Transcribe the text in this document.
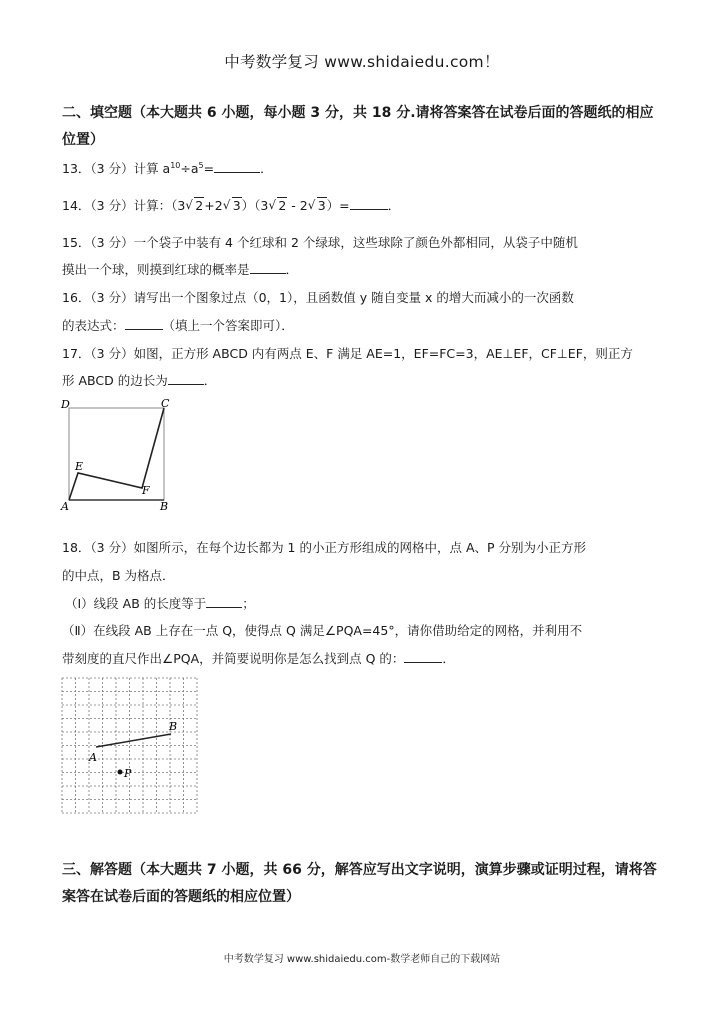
中考数学复习 www.shidaiedu.com！
二、填空题（本大题共 6 小题，每小题 3 分，共 18 分.请将答案答在试卷后面的答题纸的相应位置）
13．（3 分）计算 $a^{10}\div a^5=$	．
14．（3 分）计算：（3 √ 2+2 √ 3）（3 √ 2 - 2 √ 3）=	．
15．（3 分）一个袋子中装有 4 个红球和 2 个绿球，这些球除了颜色外都相同，从袋子中随机
摸出一个球，则摸到红球的概率是	．
16．（3 分）请写出一个图象过点（0，1），且函数值 y 随自变量 x 的增大而减小的一次函数
的表达式：	（填上一个答案即可）．
17．（3 分）如图，正方形 ABCD 内有两点 E、F 满足 AE=1，EF=FC=3，AE⊥EF，CF⊥EF，则正方
形 ABCD 的边长为	．
D	C
E
F
A	B
18．（3 分）如图所示，在每个边长都为 1 的小正方形组成的网格中，点 A、P 分别为小正方形
的中点，B 为格点．
（Ⅰ）线段 AB 的长度等于	；
（Ⅱ）在线段 AB 上存在一点 Q，使得点 Q 满足∠PQA=45°，请你借助给定的网格，并利用不
带刻度的直尺作出∠PQA，并简要说明你是怎么找到点 Q 的：	．
A
B
P
三、解答题（本大题共 7 小题，共 66 分，解答应写出文字说明，演算步骤或证明过程，请将答
案答在试卷后面的答题纸的相应位置）
中考数学复习 www.shidaiedu.com-数学老师自己的下载网站
